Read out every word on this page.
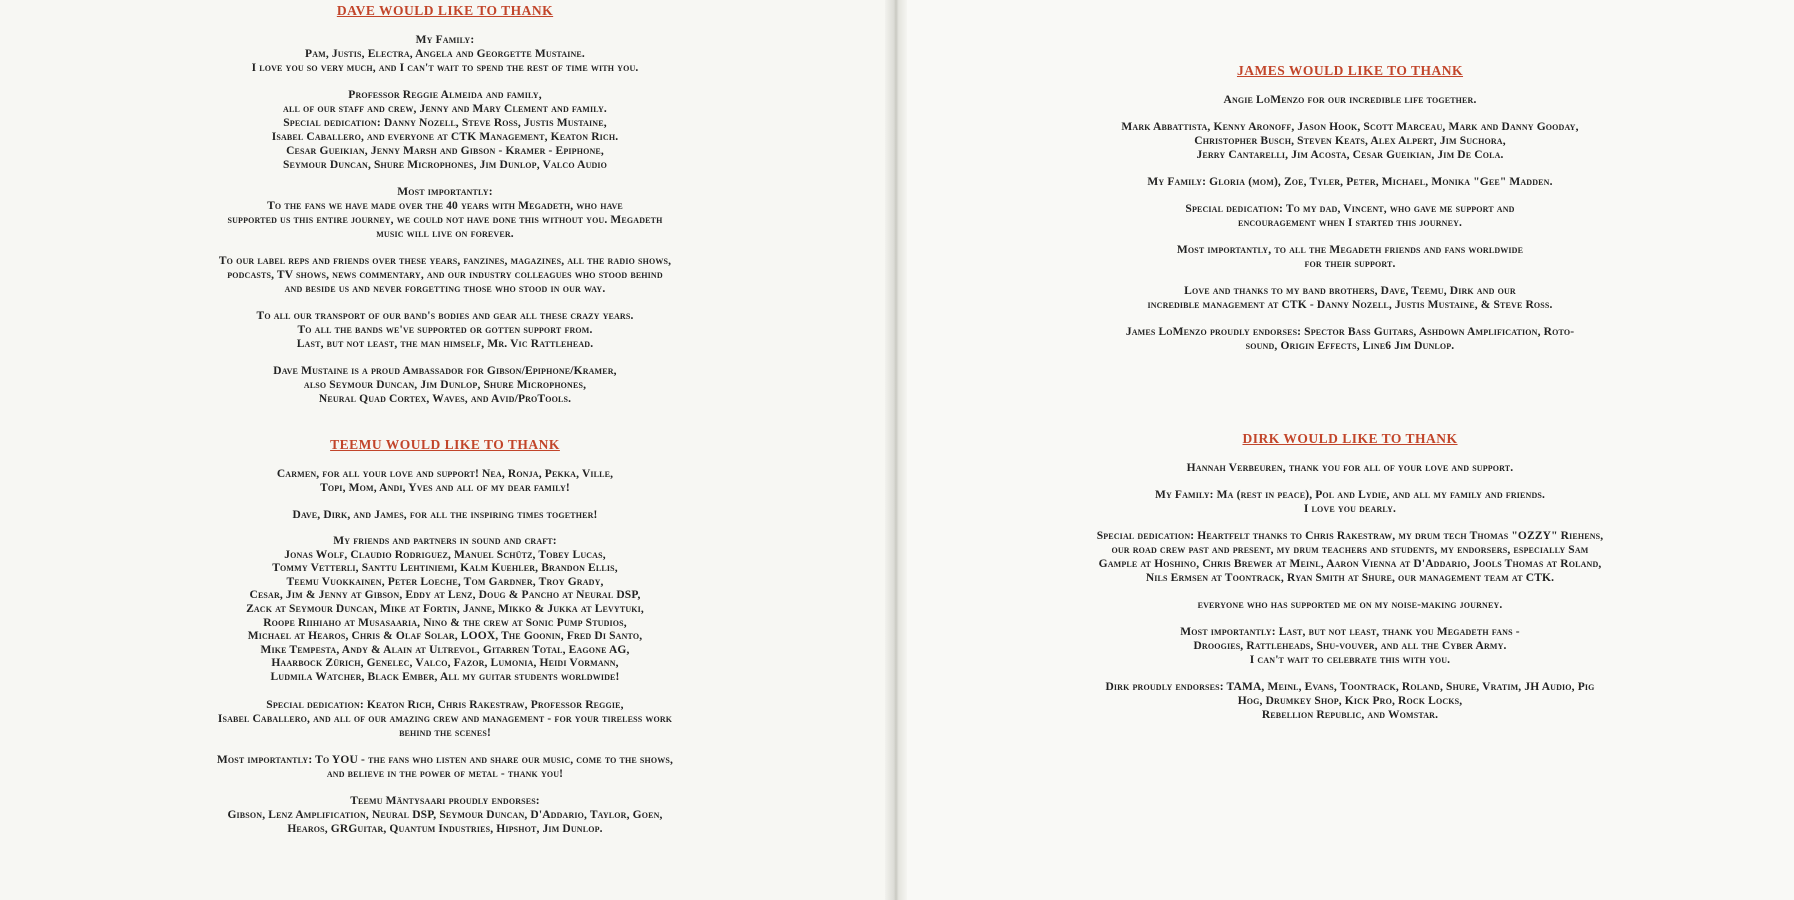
DAVE WOULD LIKE TO THANK

My Family:
Pam, Justis, Electra, Angela and Georgette Mustaine.
I love you so very much, and I can't wait to spend the rest of time with you.

Professor Reggie Almeida and family,
all of our staff and crew, Jenny and Mary Clement and family.
Special dedication: Danny Nozell, Steve Ross, Justis Mustaine,
Isabel Caballero, and everyone at CTK Management, Keaton Rich.
Cesar Gueikian, Jenny Marsh and Gibson - Kramer - Epiphone,
Seymour Duncan, Shure Microphones, Jim Dunlop, Valco Audio

Most importantly:
To the fans we have made over the 40 years with Megadeth, who have
supported us this entire journey, we could not have done this without you. Megadeth
music will live on forever.

To our label reps and friends over these years, fanzines, magazines, all the radio shows,
podcasts, TV shows, news commentary, and our industry colleagues who stood behind
and beside us and never forgetting those who stood in our way.

To all our transport of our band's bodies and gear all these crazy years.
To all the bands we've supported or gotten support from.
Last, but not least, the man himself, Mr. Vic Rattlehead.

Dave Mustaine is a proud Ambassador for Gibson/Epiphone/Kramer,
also Seymour Duncan, Jim Dunlop, Shure Microphones,
Neural Quad Cortex, Waves, and Avid/ProTools.

TEEMU WOULD LIKE TO THANK

Carmen, for all your love and support! Nea, Ronja, Pekka, Ville,
Topi, Mom, Andi, Yves and all of my dear family!

Dave, Dirk, and James, for all the inspiring times together!

My friends and partners in sound and craft:
Jonas Wolf, Claudio Rodriguez, Manuel Schütz, Tobey Lucas,
Tommy Vetterli, Santtu Lehtiniemi, Kalm Kuehler, Brandon Ellis,
Teemu Vuokkainen, Peter Loeche, Tom Gardner, Troy Grady,
Cesar, Jim & Jenny at Gibson, Eddy at Lenz, Doug & Pancho at Neural DSP,
Zack at Seymour Duncan, Mike at Fortin, Janne, Mikko & Jukka at Levytuki,
Roope Riihiaho at Musasaaria, Nino & the crew at Sonic Pump Studios,
Michael at Hearos, Chris & Olaf Solar, LOOX, The Goonin, Fred Di Santo,
Mike Tempesta, Andy & Alain at Ultrevol, Gitarren Total, Eagone AG,
Haarbock Zürich, Genelec, Valco, Fazor, Lumonia, Heidi Vormann,
Ludmila Watcher, Black Ember, All my guitar students worldwide!

Special dedication: Keaton Rich, Chris Rakestraw, Professor Reggie,
Isabel Caballero, and all of our amazing crew and management - for your tireless work
behind the scenes!

Most importantly: To YOU - the fans who listen and share our music, come to the shows,
and believe in the power of metal - thank you!

Teemu Mäntysaari proudly endorses:
Gibson, Lenz Amplification, Neural DSP, Seymour Duncan, D'Addario, Taylor, Goen,
Hearos, GRGuitar, Quantum Industries, Hipshot, Jim Dunlop.

JAMES WOULD LIKE TO THANK

Angie LoMenzo for our incredible life together.

Mark Abbattista, Kenny Aronoff, Jason Hook, Scott Marceau, Mark and Danny Gooday,
Christopher Busch, Steven Keats, Alex Alpert, Jim Suchora,
Jerry Cantarelli, Jim Acosta, Cesar Gueikian, Jim De Cola.

My Family: Gloria (mom), Zoe, Tyler, Peter, Michael, Monika "Gee" Madden.

Special dedication: To my dad, Vincent, who gave me support and
encouragement when I started this journey.

Most importantly, to all the Megadeth friends and fans worldwide
for their support.

Love and thanks to my band brothers, Dave, Teemu, Dirk and our
incredible management at CTK - Danny Nozell, Justis Mustaine, & Steve Ross.

James LoMenzo proudly endorses: Spector Bass Guitars, Ashdown Amplification, Roto-
sound, Origin Effects, Line6 Jim Dunlop.

DIRK WOULD LIKE TO THANK

Hannah Verbeuren, thank you for all of your love and support.

My Family: Ma (rest in peace), Pol and Lydie, and all my family and friends.
I love you dearly.

Special dedication: Heartfelt thanks to Chris Rakestraw, my drum tech Thomas "OZZY" Riehens,
our road crew past and present, my drum teachers and students, my endorsers, especially Sam
Gample at Hoshino, Chris Brewer at Meinl, Aaron Vienna at D'Addario, Jools Thomas at Roland,
Nils Ermsen at Toontrack, Ryan Smith at Shure, our management team at CTK.

everyone who has supported me on my noise-making journey.

Most importantly: Last, but not least, thank you Megadeth fans -
Droogies, Rattleheads, Shu-vouver, and all the Cyber Army.
I can't wait to celebrate this with you.

Dirk proudly endorses: TAMA, Meinl, Evans, Toontrack, Roland, Shure, Vratim, JH Audio, Pig
Hog, Drumkey Shop, Kick Pro, Rock Locks,
Rebellion Republic, and Womstar.
